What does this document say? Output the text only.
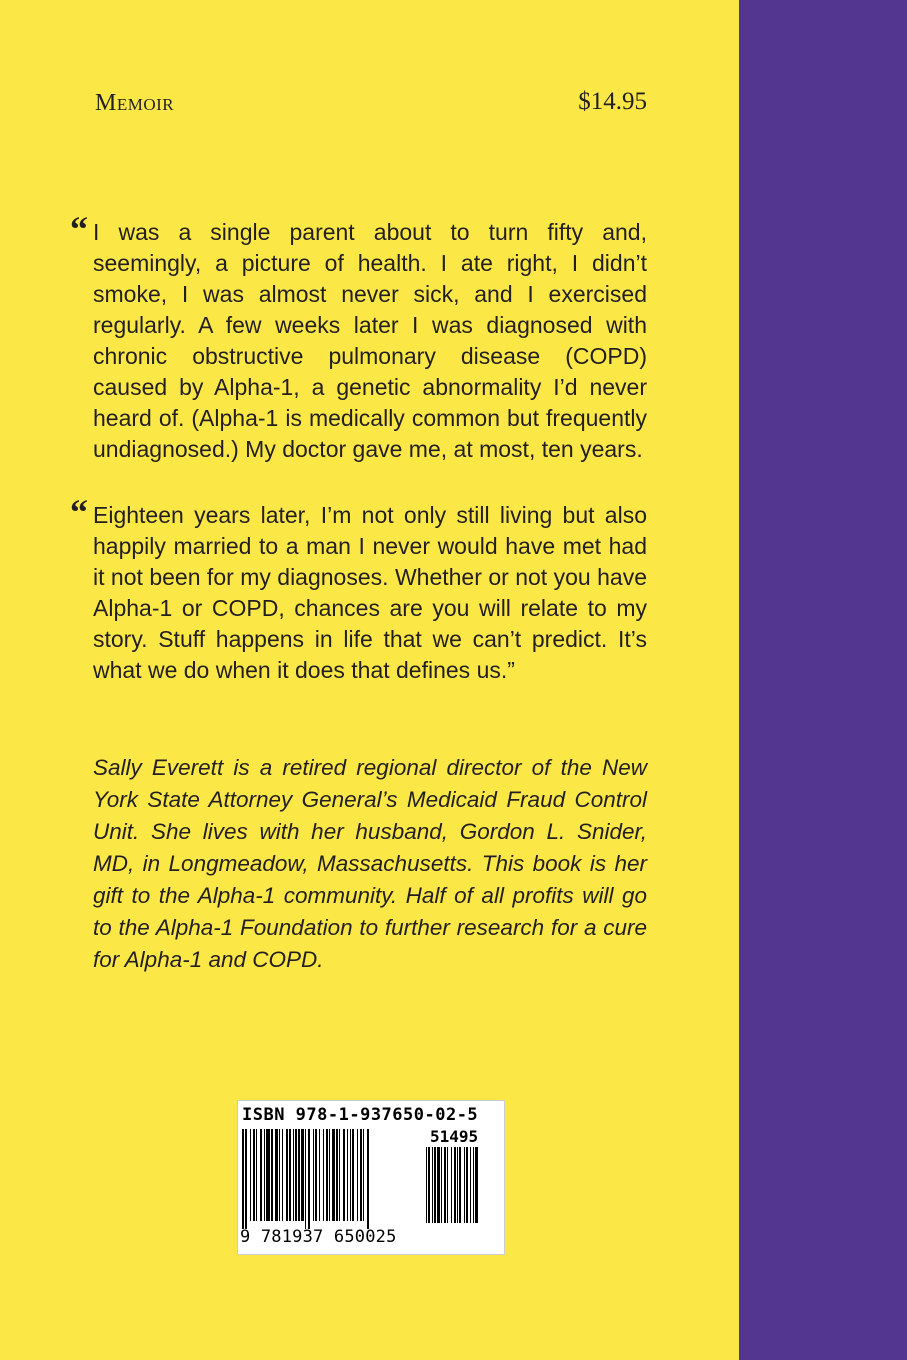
Memoir	$14.95
“ I was a single parent about to turn fifty and, seemingly, a picture of health. I ate right, I didn’t smoke, I was almost never sick, and I exercised regularly. A few weeks later I was diagnosed with chronic obstructive pulmonary disease (COPD) caused by Alpha-1, a genetic abnormality I’d never heard of. (Alpha-1 is medically common but frequently undiagnosed.) My doctor gave me, at most, ten years.
“ Eighteen years later, I’m not only still living but also happily married to a man I never would have met had it not been for my diagnoses. Whether or not you have Alpha-1 or COPD, chances are you will relate to my story. Stuff happens in life that we can’t predict. It’s what we do when it does that defines us.”
Sally Everett is a retired regional director of the New York State Attorney General’s Medicaid Fraud Control Unit. She lives with her husband, Gordon L. Snider, MD, in Longmeadow, Massachusetts. This book is her gift to the Alpha-1 community. Half of all profits will go to the Alpha-1 Foundation to further research for a cure for Alpha-1 and COPD.
ISBN 978-1-937650-02-5
51495
9 781937 650025
